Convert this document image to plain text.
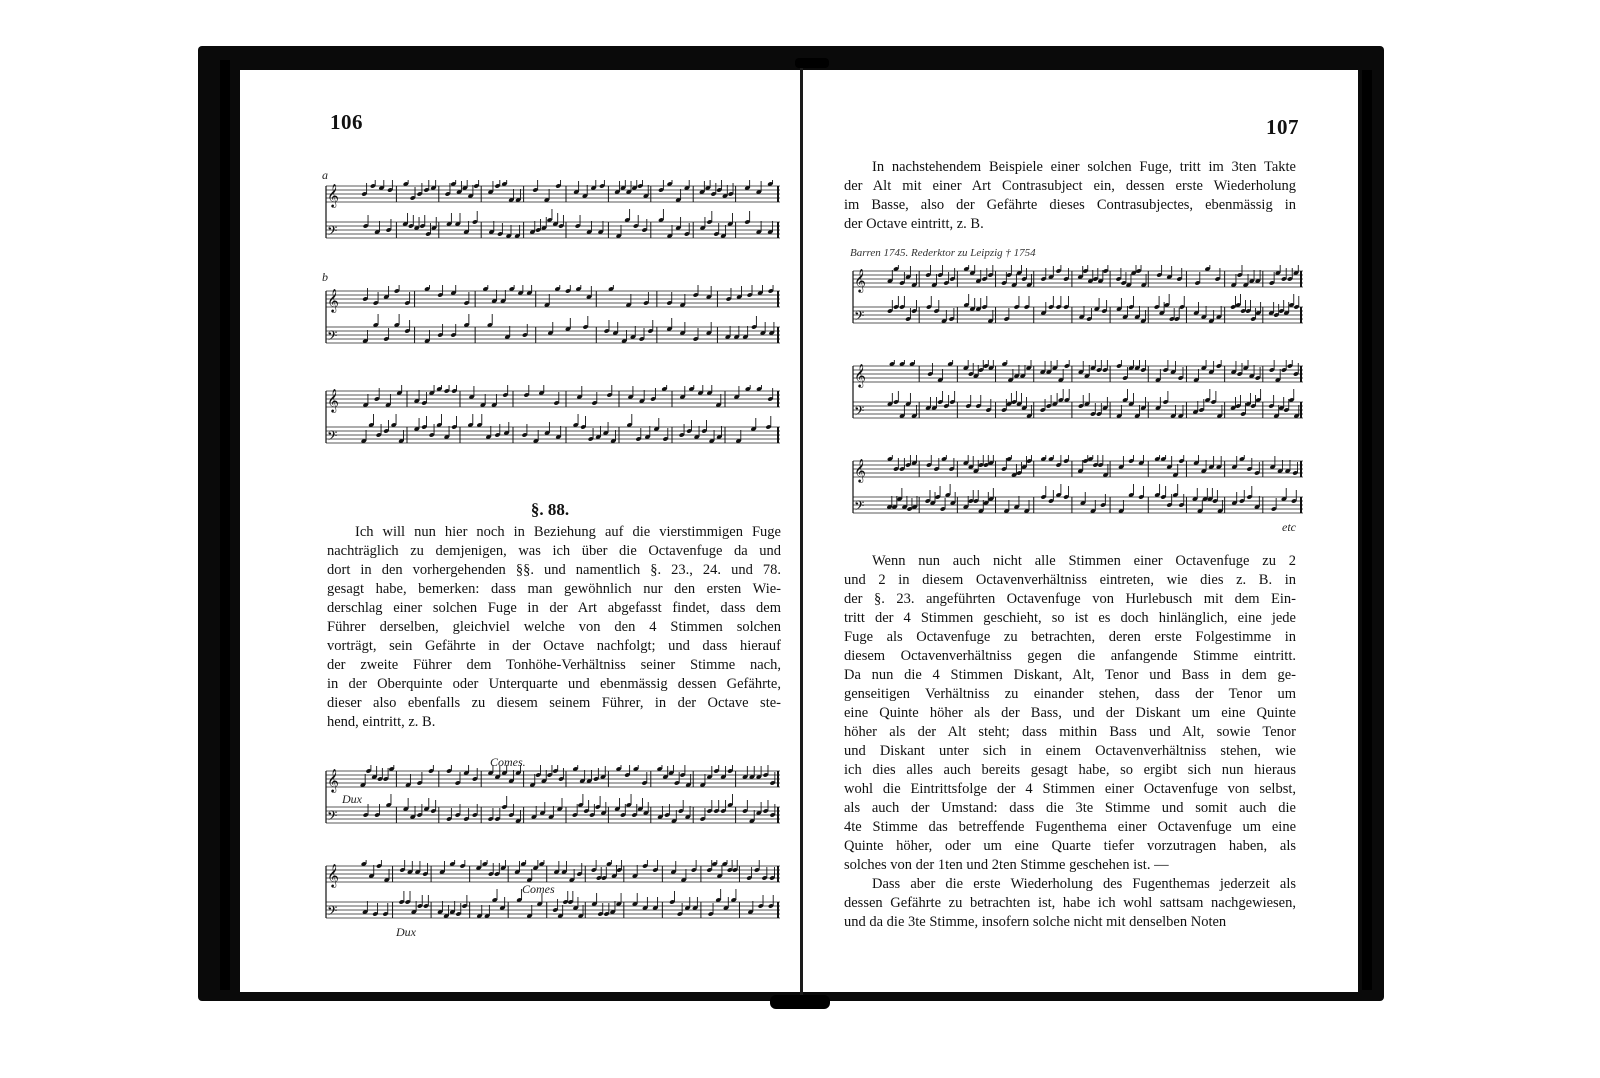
106	107
𝄞
𝄢
𝄞
𝄢
𝄞
𝄢
𝄞
𝄢
𝄞
𝄢
𝄞
𝄢
𝄞
𝄢
𝄞
𝄢
a
b
Comes.
Dux
Comes
Dux
etc
Barren 1745. Rederktor zu Leipzig † 1754
§. 88.
Ich will nun hier noch in Beziehung auf die vierstimmigen Fuge
nachträglich zu demjenigen, was ich über die Octavenfuge da und
dort in den vorhergehenden §§. und namentlich §. 23., 24. und 78.
gesagt habe, bemerken: dass man gewöhnlich nur den ersten Wie-
derschlag einer solchen Fuge in der Art abgefasst findet, dass dem
Führer derselben, gleichviel welche von den 4 Stimmen solchen
vorträgt, sein Gefährte in der Octave nachfolgt; und dass hierauf
der zweite Führer dem Tonhöhe-Verhältniss seiner Stimme nach,
in der Oberquinte oder Unterquarte und ebenmässig dessen Gefährte,
dieser also ebenfalls zu diesem seinem Führer, in der Octave ste-
hend, eintritt, z. B.
In nachstehendem Beispiele einer solchen Fuge, tritt im 3ten Takte
der Alt mit einer Art Contrasubject ein, dessen erste Wiederholung
im Basse, also der Gefährte dieses Contrasubjectes, ebenmässig in
der Octave eintritt, z. B.
Wenn nun auch nicht alle Stimmen einer Octavenfuge zu 2
und 2 in diesem Octavenverhältniss eintreten, wie dies z. B. in
der §. 23. angeführten Octavenfuge von Hurlebusch mit dem Ein-
tritt der 4 Stimmen geschieht, so ist es doch hinlänglich, eine jede
Fuge als Octavenfuge zu betrachten, deren erste Folgestimme in
diesem Octavenverhältniss gegen die anfangende Stimme eintritt.
Da nun die 4 Stimmen Diskant, Alt, Tenor und Bass in dem ge-
genseitigen Verhältniss zu einander stehen, dass der Tenor um
eine Quinte höher als der Bass, und der Diskant um eine Quinte
höher als der Alt steht; dass mithin Bass und Alt, sowie Tenor
und Diskant unter sich in einem Octavenverhältniss stehen, wie
ich dies alles auch bereits gesagt habe, so ergibt sich nun hieraus
wohl die Eintrittsfolge der 4 Stimmen einer Octavenfuge von selbst,
als auch der Umstand: dass die 3te Stimme und somit auch die
4te Stimme das betreffende Fugenthema einer Octavenfuge um eine
Quinte höher, oder um eine Quarte tiefer vorzutragen haben, als
solches von der 1ten und 2ten Stimme geschehen ist. —
Dass aber die erste Wiederholung des Fugenthemas jederzeit als
dessen Gefährte zu betrachten ist, habe ich wohl sattsam nachgewiesen,
und da die 3te Stimme, insofern solche nicht mit denselben Noten
